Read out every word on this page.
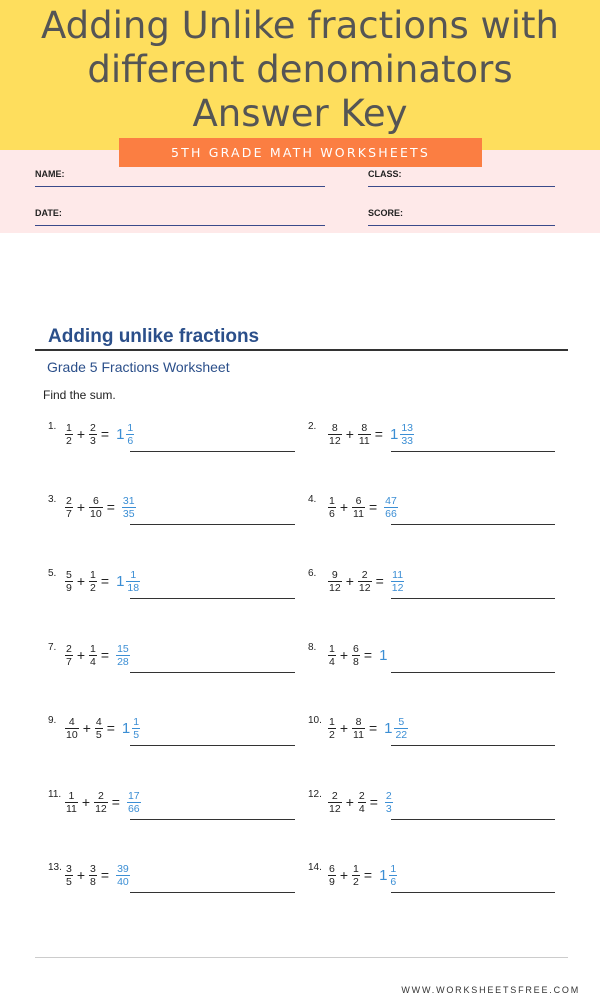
Adding Unlike fractions with
different denominators
Answer Key
NAME:	CLASS:
DATE:	SCORE:
5TH GRADE MATH WORKSHEETS
Adding unlike fractions
Grade 5 Fractions Worksheet
Find the sum.
1. $\frac{1}{2} + \frac{2}{3} = 1 \frac{1}{6}$	2. $\frac{8}{12} + \frac{8}{11} = 1 \frac{13}{33}$
3. $\frac{2}{7} + \frac{6}{10} = \frac{31}{35}$	4. $\frac{1}{6} + \frac{6}{11} = \frac{47}{66}$
5. $\frac{5}{9} + \frac{1}{2} = 1 \frac{1}{18}$	6. $\frac{9}{12} + \frac{2}{12} = \frac{11}{12}$
7. $\frac{2}{7} + \frac{1}{4} = \frac{15}{28}$	8. $\frac{1}{4} + \frac{6}{8} = 1$
9. $\frac{4}{10} + \frac{4}{5} = 1 \frac{1}{5}$	10. $\frac{1}{2} + \frac{8}{11} = 1 \frac{5}{22}$
11. $\frac{1}{11} + \frac{2}{12} = \frac{17}{66}$	12. $\frac{2}{12} + \frac{2}{4} = \frac{2}{3}$
13. $\frac{3}{5} + \frac{3}{8} = \frac{39}{40}$	14. $\frac{6}{9} + \frac{1}{2} = 1 \frac{1}{6}$
WWW.WORKSHEETSFREE.COM
